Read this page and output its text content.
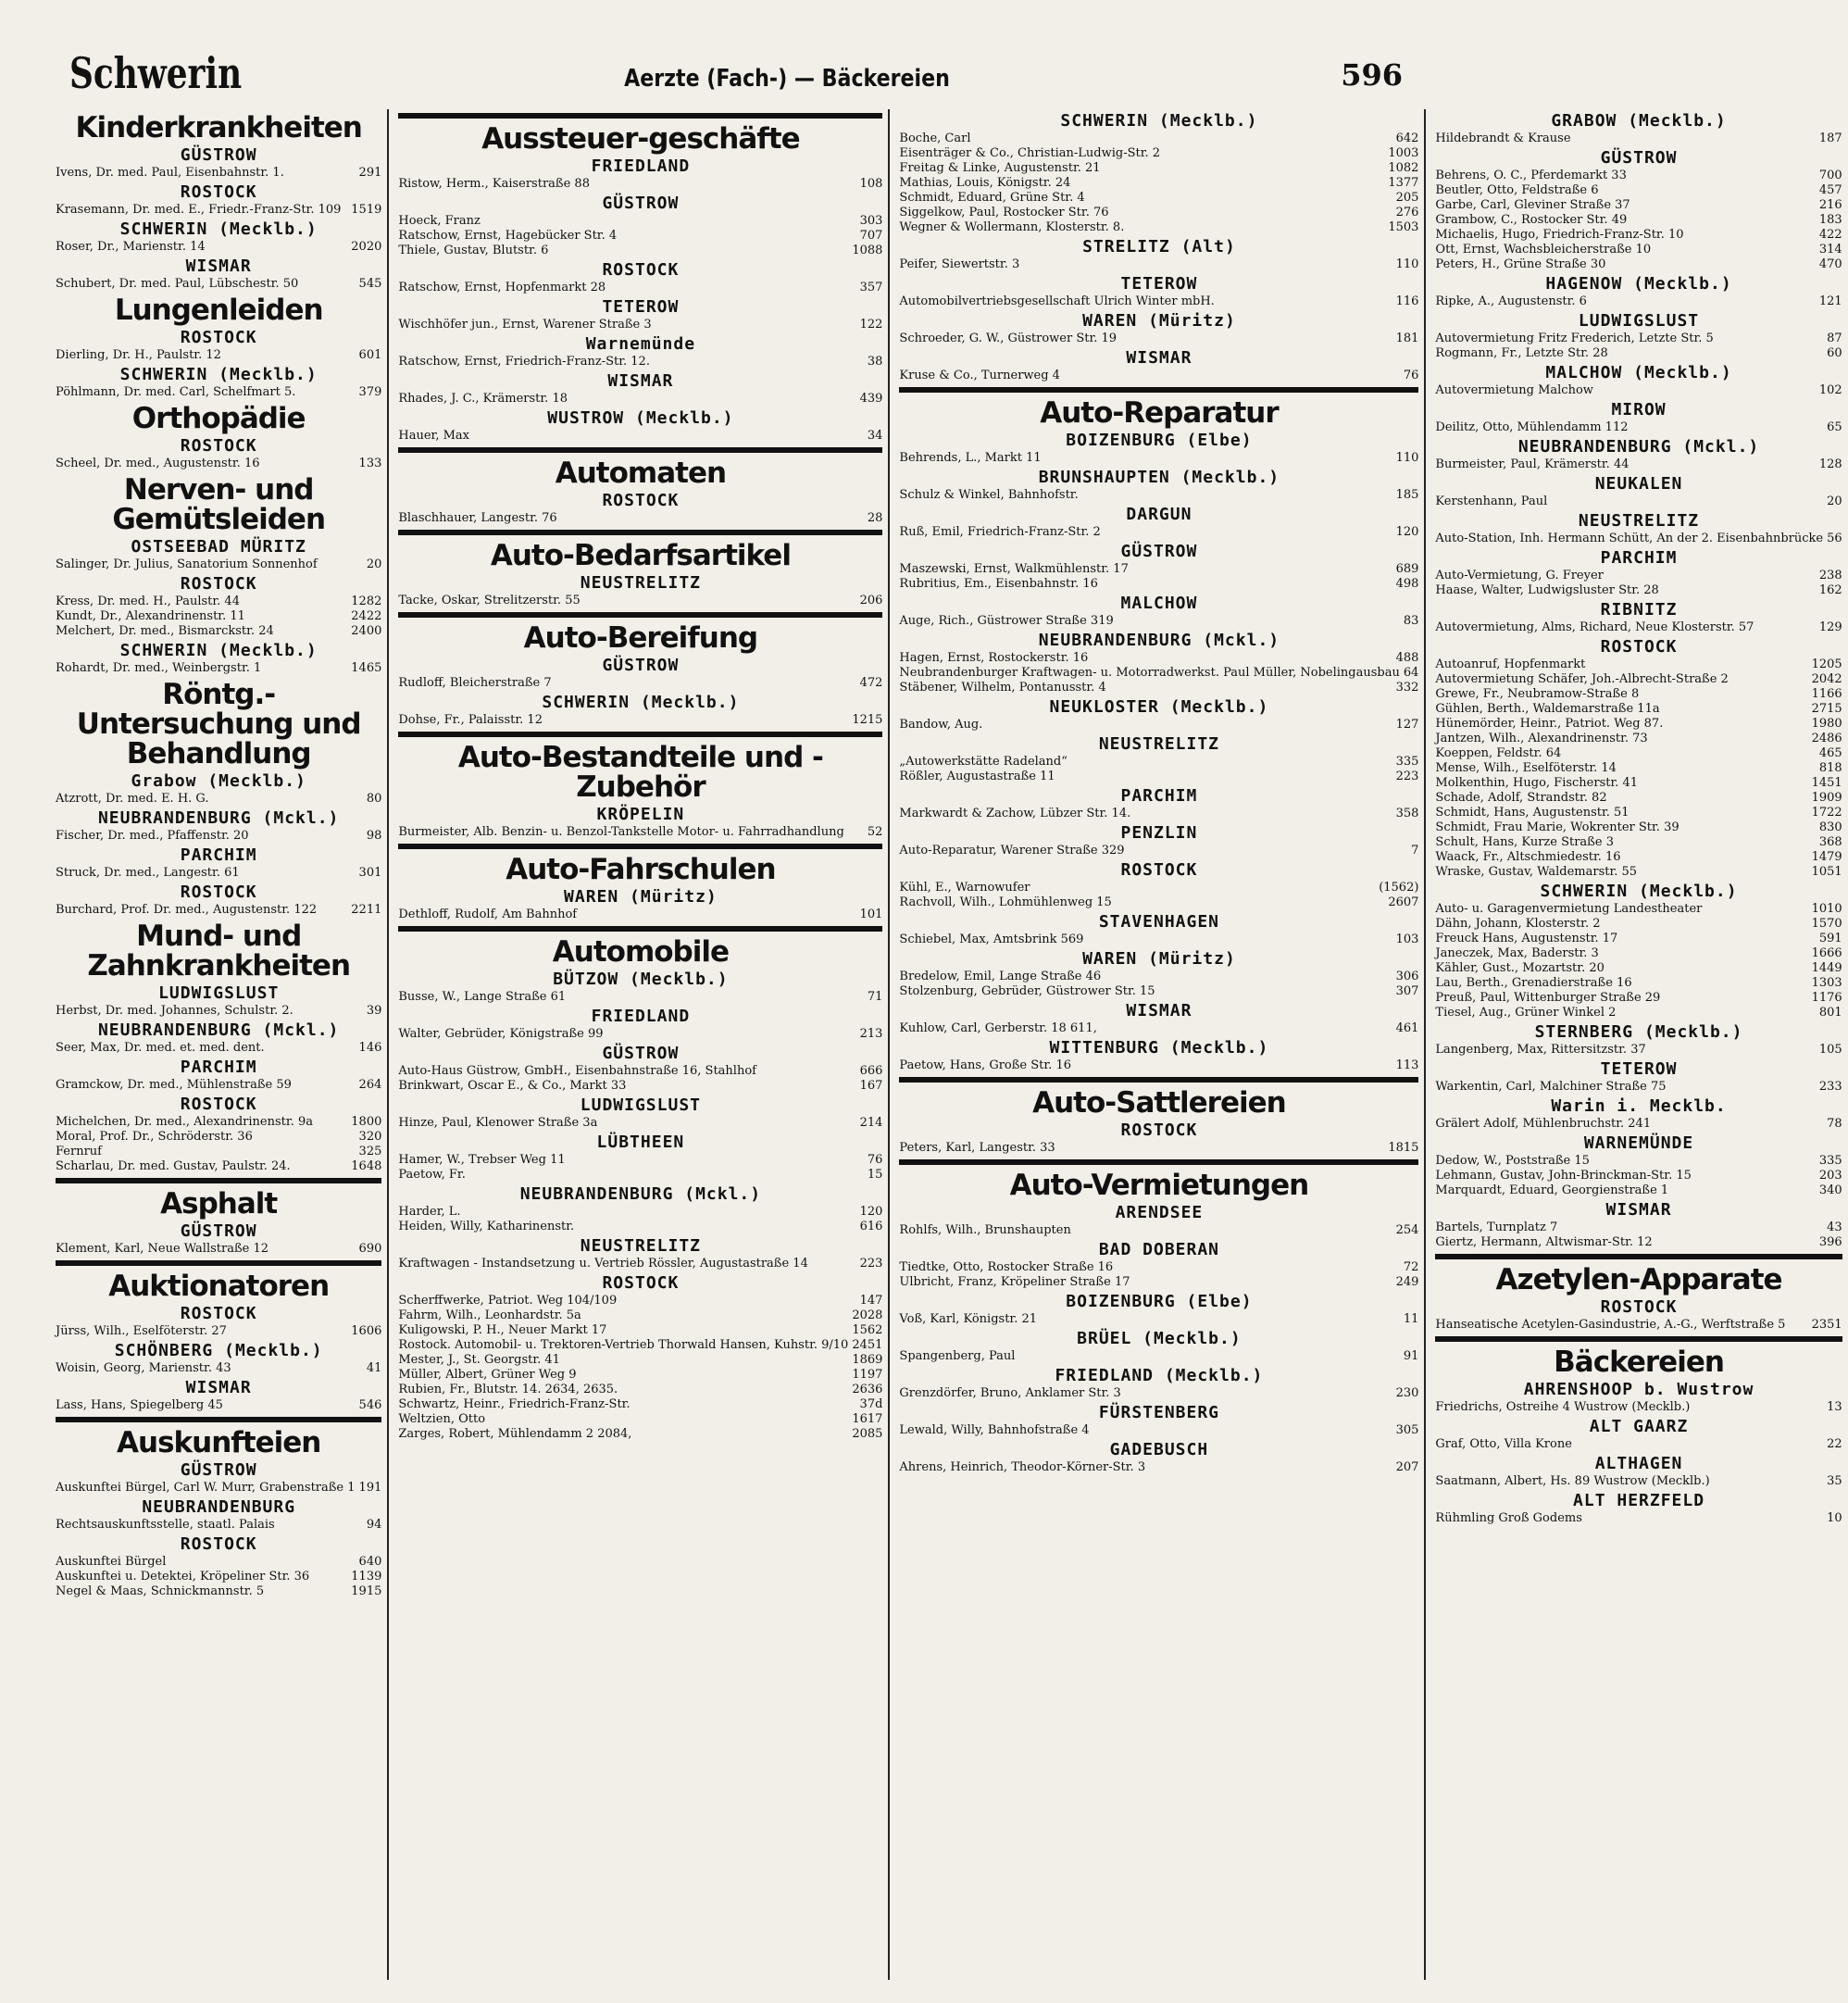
Schwerin	Aerzte (Fach-) — Bäckereien	596
Kinderkrankheiten
GÜSTROW
Ivens, Dr. med. Paul, Eisenbahnstr. 1.	291
ROSTOCK
Krasemann, Dr. med. E., Friedr.-Franz-Str. 109 1519
SCHWERIN (Mecklb.)
Roser, Dr., Marienstr. 14	2020
WISMAR
Schubert, Dr. med. Paul, Lübschestr. 50	545
Lungenleiden
ROSTOCK
Dierling, Dr. H., Paulstr. 12	601
SCHWERIN (Mecklb.)
Pöhlmann, Dr. med. Carl, Schelfmart 5.	379
Orthopädie
ROSTOCK
Scheel, Dr. med., Augustenstr. 16	133
Nerven- und Gemütsleiden
OSTSEEBAD MÜRITZ
Salinger, Dr. Julius, Sanatorium Sonnenhof	20
ROSTOCK
Kress, Dr. med. H., Paulstr. 44	1282
Kundt, Dr., Alexandrinenstr. 11	2422
Melchert, Dr. med., Bismarckstr. 24	2400
SCHWERIN (Mecklb.)
Rohardt, Dr. med., Weinbergstr. 1	1465
Röntg.-Untersuchung und Behandlung
Grabow (Mecklb.)
Atzrott, Dr. med. E. H. G.	80
NEUBRANDENBURG (Mckl.)
Fischer, Dr. med., Pfaffenstr. 20	98
PARCHIM
Struck, Dr. med., Langestr. 61	301
ROSTOCK
Burchard, Prof. Dr. med., Augustenstr. 122	2211
Mund- und Zahnkrankheiten
LUDWIGSLUST
Herbst, Dr. med. Johannes, Schulstr. 2.	39
NEUBRANDENBURG (Mckl.)
Seer, Max, Dr. med. et. med. dent.	146
PARCHIM
Gramckow, Dr. med., Mühlenstraße 59	264
ROSTOCK
Michelchen, Dr. med., Alexandrinenstr. 9a	1800
Moral, Prof. Dr., Schröderstr. 36	320
Fernruf	325
Scharlau, Dr. med. Gustav, Paulstr. 24.	1648
Asphalt
GÜSTROW
Klement, Karl, Neue Wallstraße 12	690
Auktionatoren
ROSTOCK
Jürss, Wilh., Eselföterstr. 27	1606
SCHÖNBERG (Mecklb.)
Woisin, Georg, Marienstr. 43	41
WISMAR
Lass, Hans, Spiegelberg 45	546
Auskunfteien
GÜSTROW
Auskunftei Bürgel, Carl W. Murr, Grabenstraße 1 191
NEUBRANDENBURG
Rechtsauskunftsstelle, staatl. Palais	94
ROSTOCK
Auskunftei Bürgel	640
Auskunftei u. Detektei, Kröpeliner Str. 36	1139
Negel & Maas, Schnickmannstr. 5	1915
Aussteuer-geschäfte
FRIEDLAND
Ristow, Herm., Kaiserstraße 88	108
GÜSTROW
Hoeck, Franz	303
Ratschow, Ernst, Hagebücker Str. 4	707
Thiele, Gustav, Blutstr. 6	1088
ROSTOCK
Ratschow, Ernst, Hopfenmarkt 28	357
TETEROW
Wischhöfer jun., Ernst, Warener Straße 3	122
Warnemünde
Ratschow, Ernst, Friedrich-Franz-Str. 12.	38
WISMAR
Rhades, J. C., Krämerstr. 18	439
WUSTROW (Mecklb.)
Hauer, Max	34
Automaten
ROSTOCK
Blaschhauer, Langestr. 76	28
Auto-Bedarfsartikel
NEUSTRELITZ
Tacke, Oskar, Strelitzerstr. 55	206
Auto-Bereifung
GÜSTROW
Rudloff, Bleicherstraße 7	472
SCHWERIN (Mecklb.)
Dohse, Fr., Palaisstr. 12	1215
Auto-Bestandteile und -Zubehör
KRÖPELIN
Burmeister, Alb. Benzin- u. Benzol-Tankstelle Motor- u. Fahrradhandlung	52
Auto-Fahrschulen
WAREN (Müritz)
Dethloff, Rudolf, Am Bahnhof	101
Automobile
BÜTZOW (Mecklb.)
Busse, W., Lange Straße 61	71
FRIEDLAND
Walter, Gebrüder, Königstraße 99	213
GÜSTROW
Auto-Haus Güstrow, GmbH., Eisenbahnstraße 16, Stahlhof	666
Brinkwart, Oscar E., & Co., Markt 33	167
LUDWIGSLUST
Hinze, Paul, Klenower Straße 3a	214
LÜBTHEEN
Hamer, W., Trebser Weg 11	76
Paetow, Fr.	15
NEUBRANDENBURG (Mckl.)
Harder, L.	120
Heiden, Willy, Katharinenstr.	616
NEUSTRELITZ
Kraftwagen - Instandsetzung u. Vertrieb Rössler, Augustastraße 14	223
ROSTOCK
Scherffwerke, Patriot. Weg 104/109	147
Fahrm, Wilh., Leonhardstr. 5a	2028
Kuligowski, P. H., Neuer Markt 17	1562
Rostock. Automobil- u. Trektoren-Vertrieb Thorwald Hansen, Kuhstr. 9/10 2451
Mester, J., St. Georgstr. 41	1869
Müller, Albert, Grüner Weg 9	1197
Rubien, Fr., Blutstr. 14. 2634, 2635.	2636
Schwartz, Heinr., Friedrich-Franz-Str.	37d
Weltzien, Otto	1617
Zarges, Robert, Mühlendamm 2 2084,	2085
SCHWERIN (Mecklb.)
Boche, Carl	642
Eisenträger & Co., Christian-Ludwig-Str. 2	1003
Freitag & Linke, Augustenstr. 21	1082
Mathias, Louis, Königstr. 24	1377
Schmidt, Eduard, Grüne Str. 4	205
Siggelkow, Paul, Rostocker Str. 76	276
Wegner & Wollermann, Klosterstr. 8.	1503
STRELITZ (Alt)
Peifer, Siewertstr. 3	110
TETEROW
Automobilvertriebsgesellschaft Ulrich Winter mbH.	116
WAREN (Müritz)
Schroeder, G. W., Güstrower Str. 19	181
WISMAR
Kruse & Co., Turnerweg 4	76
Auto-Reparatur
BOIZENBURG (Elbe)
Behrends, L., Markt 11	110
BRUNSHAUPTEN (Mecklb.)
Schulz & Winkel, Bahnhofstr.	185
DARGUN
Ruß, Emil, Friedrich-Franz-Str. 2	120
GÜSTROW
Maszewski, Ernst, Walkmühlenstr. 17	689
Rubritius, Em., Eisenbahnstr. 16	498
MALCHOW
Auge, Rich., Güstrower Straße 319	83
NEUBRANDENBURG (Mckl.)
Hagen, Ernst, Rostockerstr. 16	488
Neubrandenburger Kraftwagen- u. Motorradwerkst. Paul Müller, Nobelingausbau 64
Stäbener, Wilhelm, Pontanusstr. 4	332
NEUKLOSTER (Mecklb.)
Bandow, Aug.	127
NEUSTRELITZ
„Autowerkstätte Radeland“	335
Rößler, Augustastraße 11	223
PARCHIM
Markwardt & Zachow, Lübzer Str. 14.	358
PENZLIN
Auto-Reparatur, Warener Straße 329	7
ROSTOCK
Kühl, E., Warnowufer	(1562)
Rachvoll, Wilh., Lohmühlenweg 15	2607
STAVENHAGEN
Schiebel, Max, Amtsbrink 569	103
WAREN (Müritz)
Bredelow, Emil, Lange Straße 46	306
Stolzenburg, Gebrüder, Güstrower Str. 15	307
WISMAR
Kuhlow, Carl, Gerberstr. 18 611,	461
WITTENBURG (Mecklb.)
Paetow, Hans, Große Str. 16	113
Auto-Sattlereien
ROSTOCK
Peters, Karl, Langestr. 33	1815
Auto-Vermietungen
ARENDSEE
Rohlfs, Wilh., Brunshaupten	254
BAD DOBERAN
Tiedtke, Otto, Rostocker Straße 16	72
Ulbricht, Franz, Kröpeliner Straße 17	249
BOIZENBURG (Elbe)
Voß, Karl, Königstr. 21	11
BRÜEL (Mecklb.)
Spangenberg, Paul	91
FRIEDLAND (Mecklb.)
Grenzdörfer, Bruno, Anklamer Str. 3	230
FÜRSTENBERG
Lewald, Willy, Bahnhofstraße 4	305
GADEBUSCH
Ahrens, Heinrich, Theodor-Körner-Str. 3	207
GRABOW (Mecklb.)
Hildebrandt & Krause	187
GÜSTROW
Behrens, O. C., Pferdemarkt 33	700
Beutler, Otto, Feldstraße 6	457
Garbe, Carl, Gleviner Straße 37	216
Grambow, C., Rostocker Str. 49	183
Michaelis, Hugo, Friedrich-Franz-Str. 10	422
Ott, Ernst, Wachsbleicherstraße 10	314
Peters, H., Grüne Straße 30	470
HAGENOW (Mecklb.)
Ripke, A., Augustenstr. 6	121
LUDWIGSLUST
Autovermietung Fritz Frederich, Letzte Str. 5	87
Rogmann, Fr., Letzte Str. 28	60
MALCHOW (Mecklb.)
Autovermietung Malchow	102
MIROW
Deilitz, Otto, Mühlendamm 112	65
NEUBRANDENBURG (Mckl.)
Burmeister, Paul, Krämerstr. 44	128
NEUKALEN
Kerstenhann, Paul	20
NEUSTRELITZ
Auto-Station, Inh. Hermann Schütt, An der 2. Eisenbahnbrücke 56
PARCHIM
Auto-Vermietung, G. Freyer	238
Haase, Walter, Ludwigsluster Str. 28	162
RIBNITZ
Autovermietung, Alms, Richard, Neue Klosterstr. 57	129
ROSTOCK
Autoanruf, Hopfenmarkt	1205
Autovermietung Schäfer, Joh.-Albrecht-Straße 2	2042
Grewe, Fr., Neubramow-Straße 8	1166
Gühlen, Berth., Waldemarstraße 11a	2715
Hünemörder, Heinr., Patriot. Weg 87.	1980
Jantzen, Wilh., Alexandrinenstr. 73	2486
Koeppen, Feldstr. 64	465
Mense, Wilh., Eselföterstr. 14	818
Molkenthin, Hugo, Fischerstr. 41	1451
Schade, Adolf, Strandstr. 82	1909
Schmidt, Hans, Augustenstr. 51	1722
Schmidt, Frau Marie, Wokrenter Str. 39	830
Schult, Hans, Kurze Straße 3	368
Waack, Fr., Altschmiedestr. 16	1479
Wraske, Gustav, Waldemarstr. 55	1051
SCHWERIN (Mecklb.)
Auto- u. Garagenvermietung Landestheater	1010
Dähn, Johann, Klosterstr. 2	1570
Freuck Hans, Augustenstr. 17	591
Janeczek, Max, Baderstr. 3	1666
Kähler, Gust., Mozartstr. 20	1449
Lau, Berth., Grenadierstraße 16	1303
Preuß, Paul, Wittenburger Straße 29	1176
Tiesel, Aug., Grüner Winkel 2	801
STERNBERG (Mecklb.)
Langenberg, Max, Rittersitzstr. 37	105
TETEROW
Warkentin, Carl, Malchiner Straße 75	233
Warin i. Mecklb.
Grälert Adolf, Mühlenbruchstr. 241	78
WARNEMÜNDE
Dedow, W., Poststraße 15	335
Lehmann, Gustav, John-Brinckman-Str. 15	203
Marquardt, Eduard, Georgienstraße 1	340
WISMAR
Bartels, Turnplatz 7	43
Giertz, Hermann, Altwismar-Str. 12	396
Azetylen-Apparate
ROSTOCK
Hanseatische Acetylen-Gasindustrie, A.-G., Werftstraße 5	2351
Bäckereien
AHRENSHOOP b. Wustrow
Friedrichs, Ostreihe 4 Wustrow (Mecklb.)	13
ALT GAARZ
Graf, Otto, Villa Krone	22
ALTHAGEN
Saatmann, Albert, Hs. 89 Wustrow (Mecklb.)	35
ALT HERZFELD
Rühmling Groß Godems	10
